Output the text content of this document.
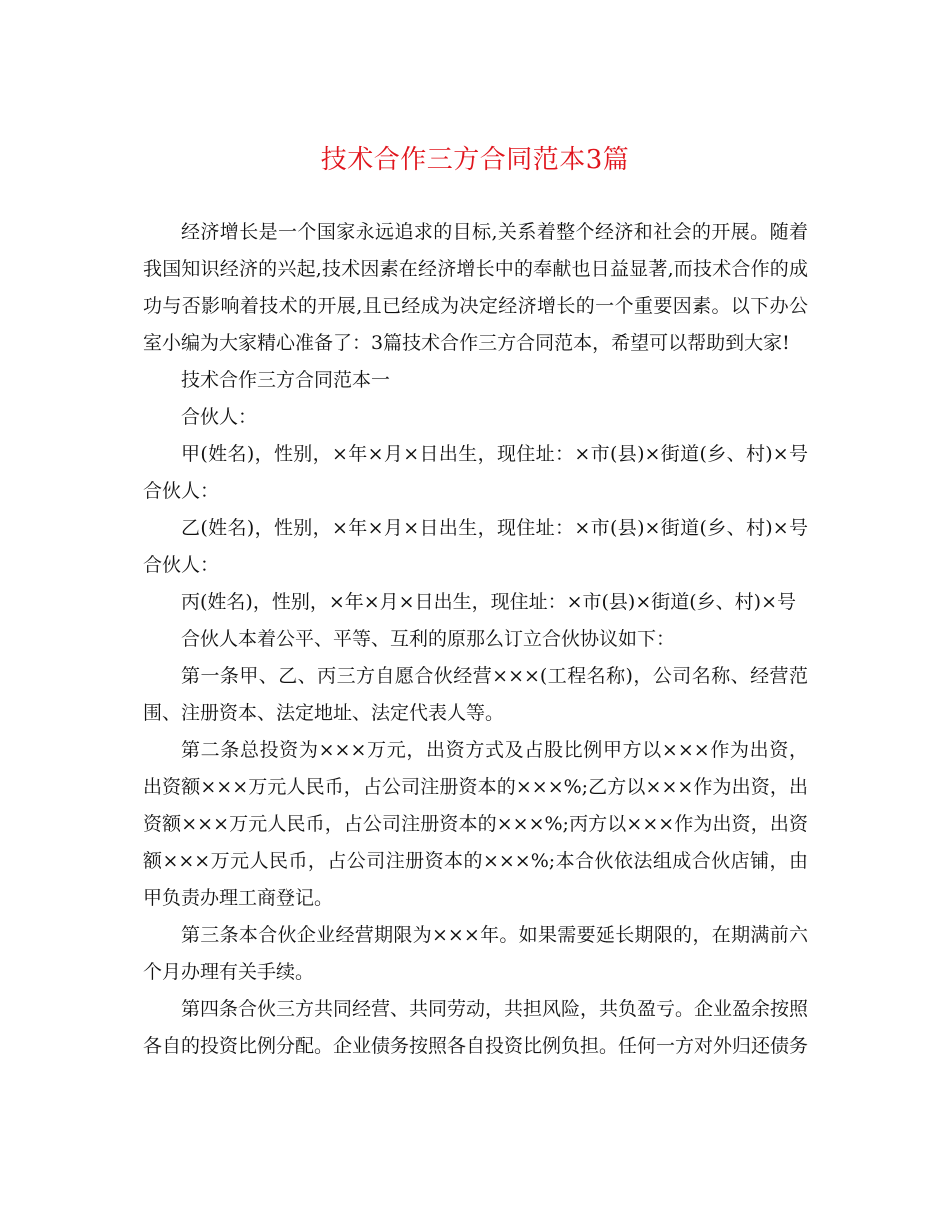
技术合作三方合同范本3篇

经济增长是一个国家永远追求的目标,关系着整个经济和社会的开展。随着我国知识经济的兴起,技术因素在经济增长中的奉献也日益显著,而技术合作的成功与否影响着技术的开展,且已经成为决定经济增长的一个重要因素。以下办公室小编为大家精心准备了：3篇技术合作三方合同范本，希望可以帮助到大家!

技术合作三方合同范本一

合伙人：

甲(姓名)，性别，×年×月×日出生，现住址：×市(县)×街道(乡、村)×号合伙人：

乙(姓名)，性别，×年×月×日出生，现住址：×市(县)×街道(乡、村)×号合伙人：

丙(姓名)，性别，×年×月×日出生，现住址：×市(县)×街道(乡、村)×号

合伙人本着公平、平等、互利的原那么订立合伙协议如下：

第一条甲、乙、丙三方自愿合伙经营×××(工程名称)，公司名称、经营范围、注册资本、法定地址、法定代表人等。

第二条总投资为×××万元，出资方式及占股比例甲方以×××作为出资，出资额×××万元人民币，占公司注册资本的×××%;乙方以×××作为出资，出资额×××万元人民币，占公司注册资本的×××%;丙方以×××作为出资，出资额×××万元人民币，占公司注册资本的×××%;本合伙依法组成合伙店铺，由甲负责办理工商登记。

第三条本合伙企业经营期限为×××年。如果需要延长期限的，在期满前六个月办理有关手续。

第四条合伙三方共同经营、共同劳动，共担风险，共负盈亏。企业盈余按照各自的投资比例分配。企业债务按照各自投资比例负担。任何一方对外归还债务
